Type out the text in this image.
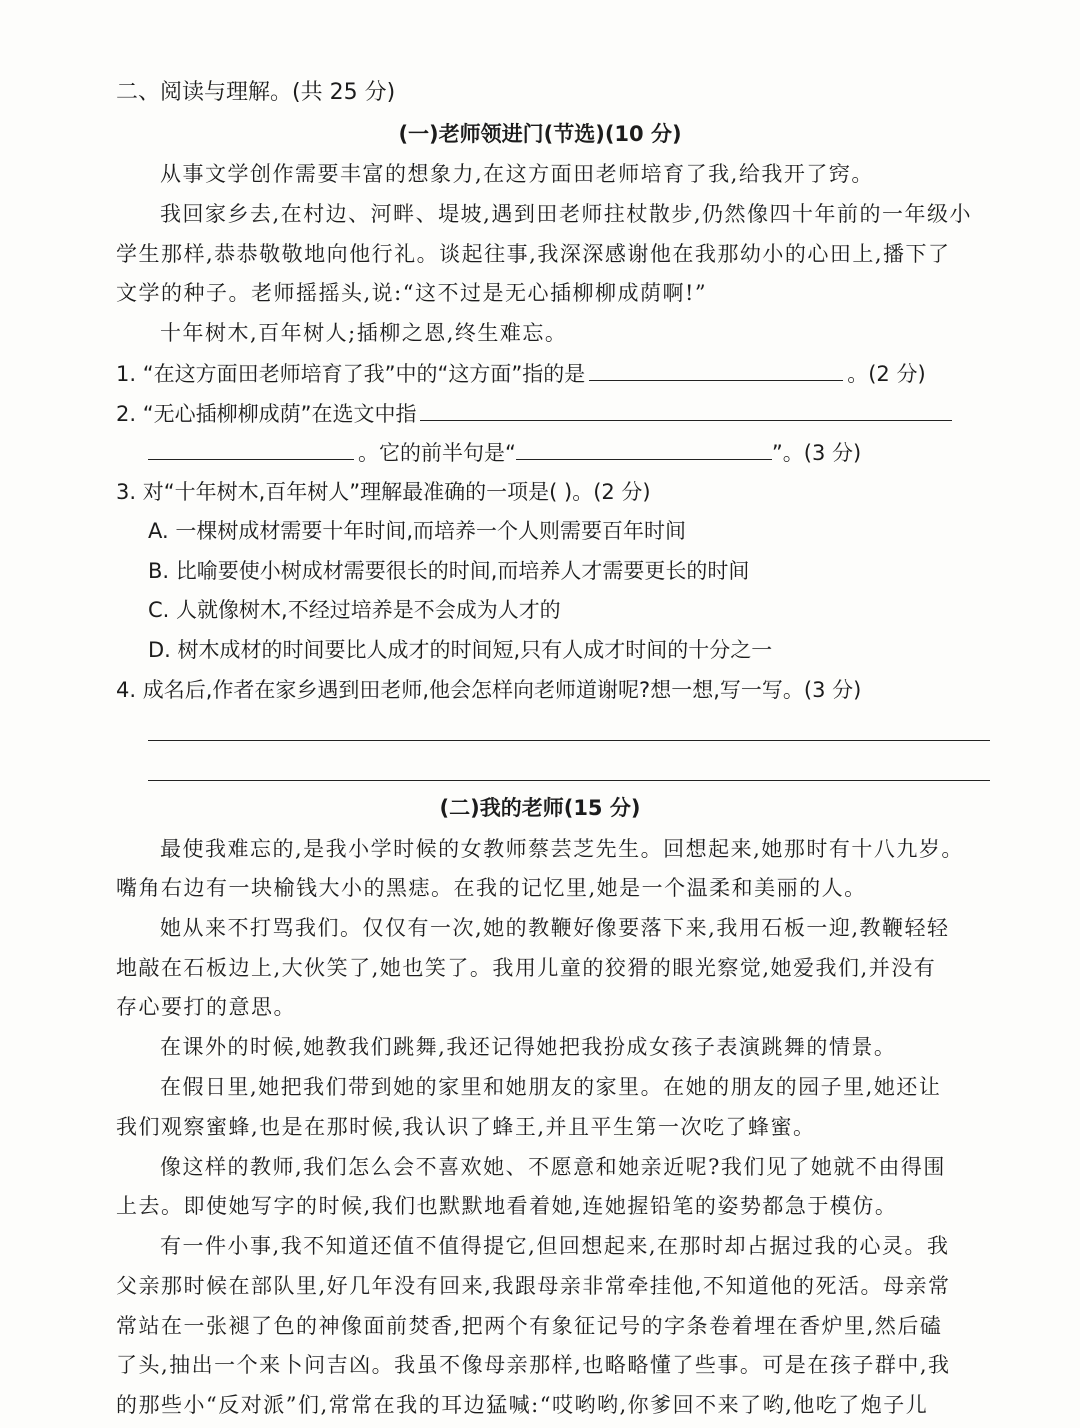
二、阅读与理解。(共 25 分)
(一)老师领进门(节选)(10 分)
从事文学创作需要丰富的想象力,在这方面田老师培育了我,给我开了窍。
我回家乡去,在村边、河畔、堤坡,遇到田老师拄杖散步,仍然像四十年前的一年级小
学生那样,恭恭敬敬地向他行礼。谈起往事,我深深感谢他在我那幼小的心田上,播下了
文学的种子。老师摇摇头,说:“这不过是无心插柳柳成荫啊!”
十年树木,百年树人;插柳之恩,终生难忘。
1. “在这方面田老师培育了我”中的“这方面”指的是	。(2 分)
2. “无心插柳柳成荫”在选文中指
。它的前半句是“	”。(3 分)
3. 对“十年树木,百年树人”理解最准确的一项是( )。(2 分)
A. 一棵树成材需要十年时间,而培养一个人则需要百年时间
B. 比喻要使小树成材需要很长的时间,而培养人才需要更长的时间
C. 人就像树木,不经过培养是不会成为人才的
D. 树木成材的时间要比人成才的时间短,只有人成才时间的十分之一
4. 成名后,作者在家乡遇到田老师,他会怎样向老师道谢呢?想一想,写一写。(3 分)
(二)我的老师(15 分)
最使我难忘的,是我小学时候的女教师蔡芸芝先生。回想起来,她那时有十八九岁。
嘴角右边有一块榆钱大小的黑痣。在我的记忆里,她是一个温柔和美丽的人。
她从来不打骂我们。仅仅有一次,她的教鞭好像要落下来,我用石板一迎,教鞭轻轻
地敲在石板边上,大伙笑了,她也笑了。我用儿童的狡猾的眼光察觉,她爱我们,并没有
存心要打的意思。
在课外的时候,她教我们跳舞,我还记得她把我扮成女孩子表演跳舞的情景。
在假日里,她把我们带到她的家里和她朋友的家里。在她的朋友的园子里,她还让
我们观察蜜蜂,也是在那时候,我认识了蜂王,并且平生第一次吃了蜂蜜。
像这样的教师,我们怎么会不喜欢她、不愿意和她亲近呢?我们见了她就不由得围
上去。即使她写字的时候,我们也默默地看着她,连她握铅笔的姿势都急于模仿。
有一件小事,我不知道还值不值得提它,但回想起来,在那时却占据过我的心灵。我
父亲那时候在部队里,好几年没有回来,我跟母亲非常牵挂他,不知道他的死活。母亲常
常站在一张褪了色的神像面前焚香,把两个有象征记号的字条卷着埋在香炉里,然后磕
了头,抽出一个来卜问吉凶。我虽不像母亲那样,也略略懂了些事。可是在孩子群中,我
的那些小“反对派”们,常常在我的耳边猛喊:“哎哟哟,你爹回不来了哟,他吃了炮子儿
